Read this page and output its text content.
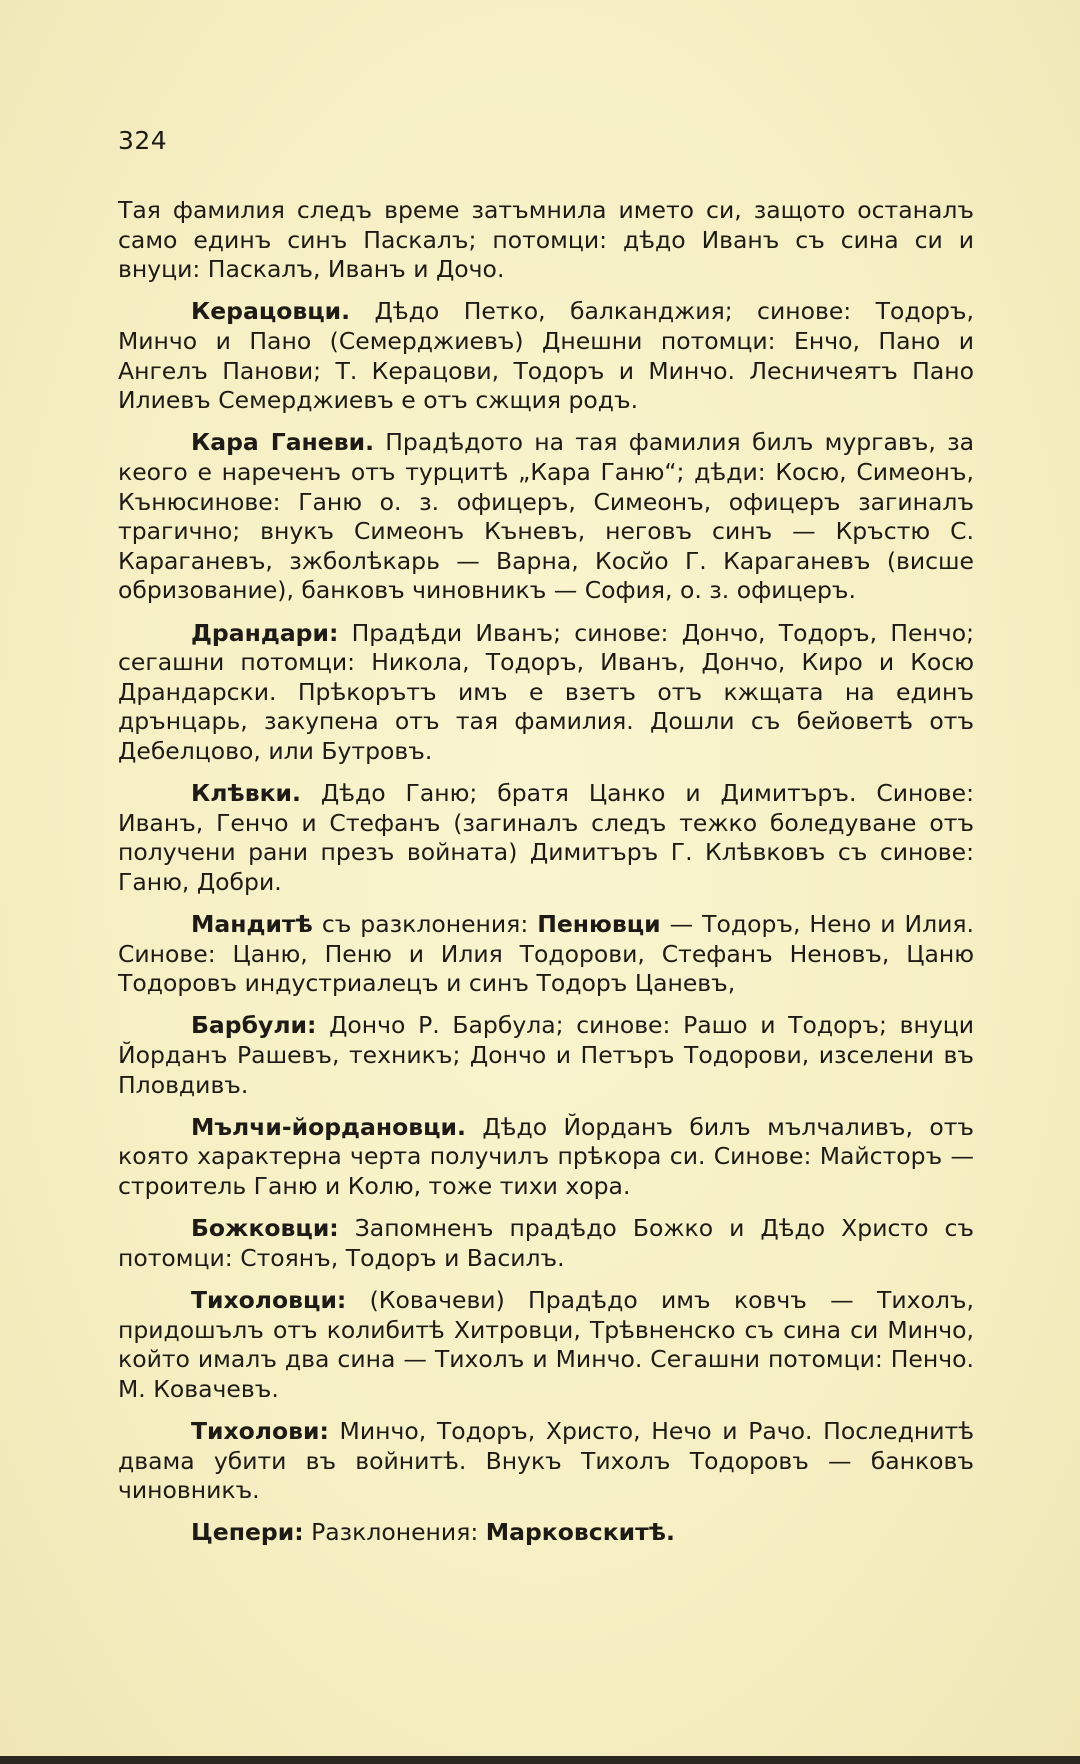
324

Тая фамилия следъ време затъмнила името си, защото останалъ само единъ синъ Паскалъ; потомци: дѣдо Иванъ съ сина си и внуци: Паскалъ, Иванъ и Дочо.

Керацовци. Дѣдо Петко, балканджия; синове: Тодоръ, Минчо и Пано (Семерджиевъ) Днешни потомци: Енчо, Пано и Ангелъ Панови; Т. Керацови, Тодоръ и Минчо. Лесничеятъ Пано Илиевъ Семерджиевъ е отъ сжщия родъ.

Кара Ганеви. Прадѣдото на тая фамилия билъ мургавъ, за кеого е нареченъ отъ турцитѣ „Кара Ганю“; дѣди: Косю, Симеонъ, Кънюсинове: Ганю о. з. офицеръ, Симеонъ, офицеръ загиналъ трагично; внукъ Симеонъ Къневъ, неговъ синъ — Кръстю С. Караганевъ, зжболѣкарь — Варна, Косйо Г. Караганевъ (висше обризование), банковъ чиновникъ — София, о. з. офицеръ.

Драндари: Прадѣди Иванъ; синове: Дончо, Тодоръ, Пенчо; сегашни потомци: Никола, Тодоръ, Иванъ, Дончо, Киро и Косю Драндарски. Прѣкорътъ имъ е взетъ отъ кжщата на единъ дрънцарь, закупена отъ тая фамилия. Дошли съ бейоветѣ отъ Дебелцово, или Бутровъ.

Клѣвки. Дѣдо Ганю; братя Цанко и Димитъръ. Синове: Иванъ, Генчо и Стефанъ (загиналъ следъ тежко боледуване отъ получени рани презъ войната) Димитъръ Г. Клѣвковъ съ синове: Ганю, Добри.

Мандитѣ съ разклонения: Пенювци — Тодоръ, Нено и Илия. Синове: Цаню, Пеню и Илия Тодорови, Стефанъ Неновъ, Цаню Тодоровъ индустриалецъ и синъ Тодоръ Цаневъ,

Барбули: Дончо Р. Барбула; синове: Рашо и Тодоръ; внуци Йорданъ Рашевъ, техникъ; Дончо и Петъръ Тодорови, изселени въ Пловдивъ.

Мълчи-йордановци. Дѣдо Йорданъ билъ мълчаливъ, отъ която характерна черта получилъ прѣкора си. Синове: Майсторъ — строитель Ганю и Колю, тоже тихи хора.

Божковци: Запомненъ прадѣдо Божко и Дѣдо Христо съ потомци: Стоянъ, Тодоръ и Василъ.

Тихоловци: (Ковачеви) Прадѣдо имъ ковчъ — Тихолъ, придошълъ отъ колибитѣ Хитровци, Трѣвненско съ сина си Минчо, който ималъ два сина — Тихолъ и Минчо. Сегашни потомци: Пенчо. М. Ковачевъ.

Тихолови: Минчо, Тодоръ, Христо, Нечо и Рачо. Последнитѣ двама убити въ войнитѣ. Внукъ Тихолъ Тодоровъ — банковъ чиновникъ.

Цепери: Разклонения: Марковскитѣ.
